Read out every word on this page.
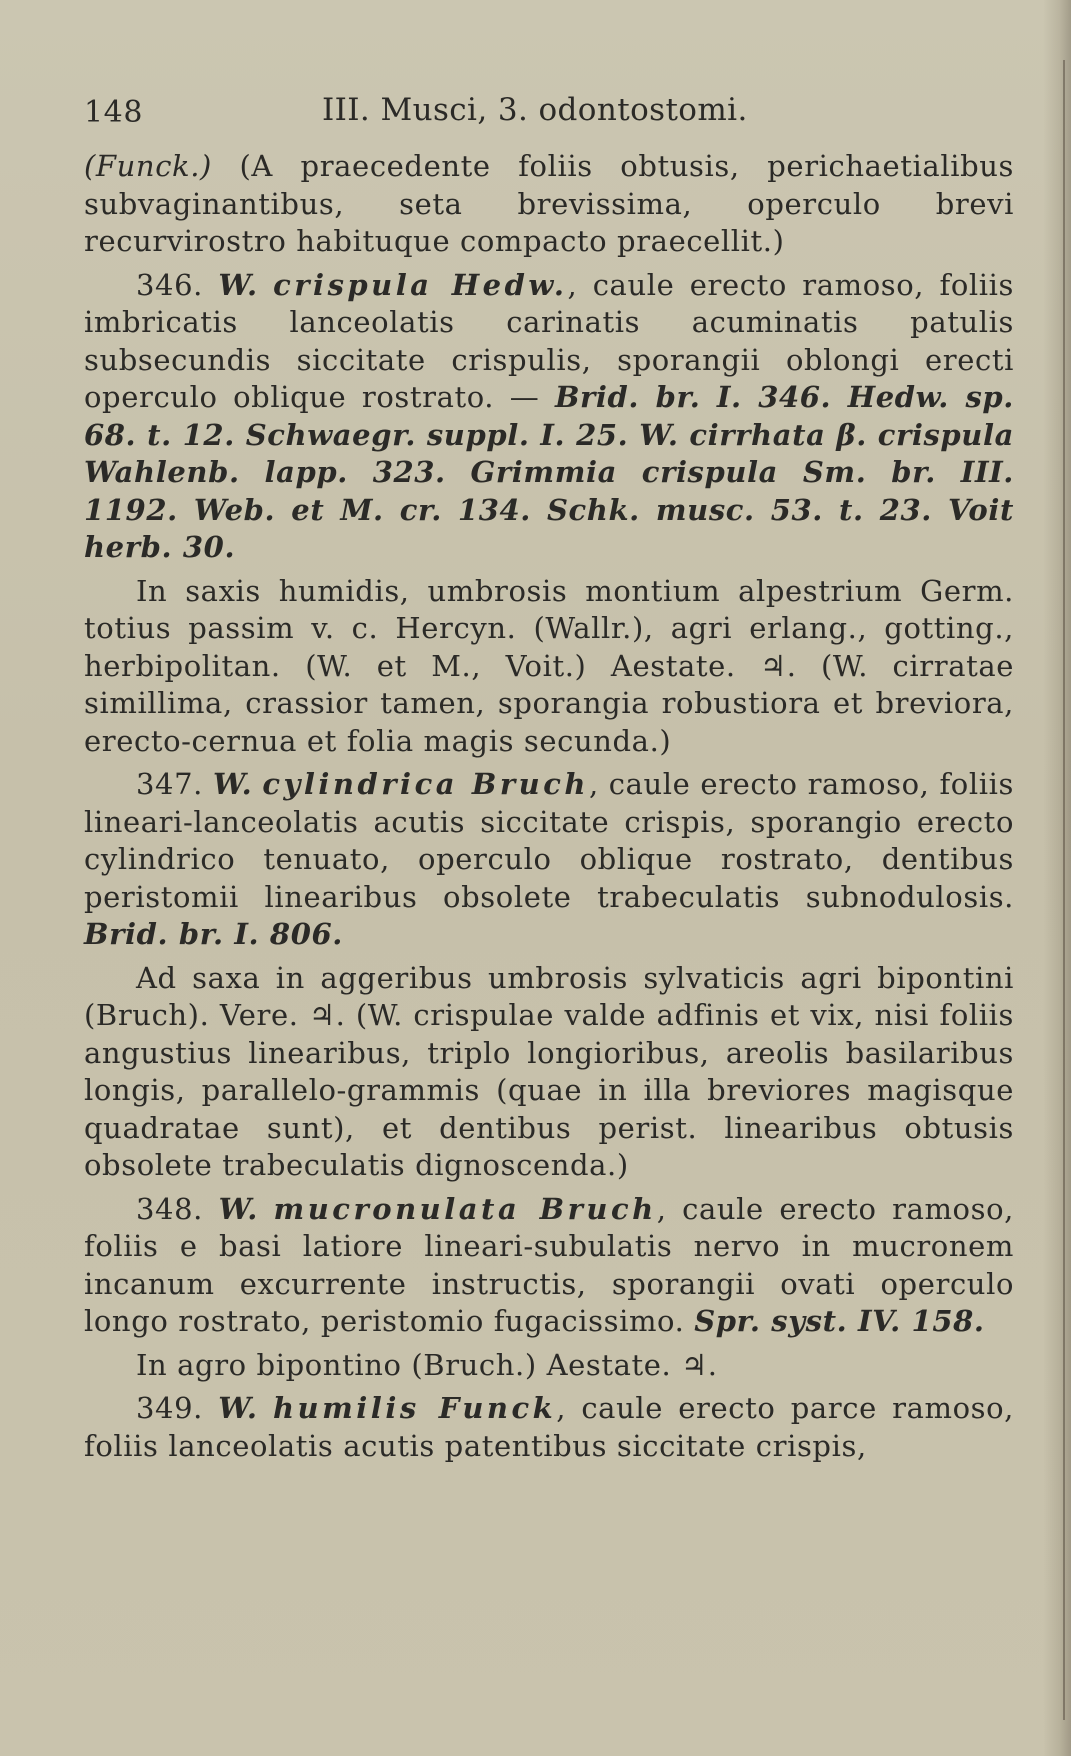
148	III. Musci, 3. odontostomi.

(Funck.) (A praecedente foliis obtusis, perichaetialibus subvaginantibus, seta brevissima, operculo brevi recurvirostro habituque compacto praecellit.)

346. W. crispula Hedw., caule erecto ramoso, foliis imbricatis lanceolatis carinatis acuminatis patulis subsecundis siccitate crispulis, sporangii oblongi erecti operculo oblique rostrato. — Brid. br. I. 346. Hedw. sp. 68. t. 12. Schwaegr. suppl. I. 25. W. cirrhata β. crispula Wahlenb. lapp. 323. Grimmia crispula Sm. br. III. 1192. Web. et M. cr. 134. Schk. musc. 53. t. 23. Voit herb. 30.

In saxis humidis, umbrosis montium alpestrium Germ. totius passim v. c. Hercyn. (Wallr.), agri erlang., gotting., herbipolitan. (W. et M., Voit.) Aestate. ♃. (W. cirratae simillima, crassior tamen, sporangia robustiora et breviora, erecto-cernua et folia magis secunda.)

347. W. cylindrica Bruch, caule erecto ramoso, foliis lineari-lanceolatis acutis siccitate crispis, sporangio erecto cylindrico tenuato, operculo oblique rostrato, dentibus peristomii linearibus obsolete trabeculatis subnodulosis. Brid. br. I. 806.

Ad saxa in aggeribus umbrosis sylvaticis agri bipontini (Bruch). Vere. ♃. (W. crispulae valde adfinis et vix, nisi foliis angustius linearibus, triplo longioribus, areolis basilaribus longis, parallelo-grammis (quae in illa breviores magisque quadratae sunt), et dentibus perist. linearibus obtusis obsolete trabeculatis dignoscenda.)

348. W. mucronulata Bruch, caule erecto ramoso, foliis e basi latiore lineari-subulatis nervo in mucronem incanum excurrente instructis, sporangii ovati operculo longo rostrato, peristomio fugacissimo. Spr. syst. IV. 158.

In agro bipontino (Bruch.) Aestate. ♃.

349. W. humilis Funck, caule erecto parce ramoso, foliis lanceolatis acutis patentibus siccitate crispis,
